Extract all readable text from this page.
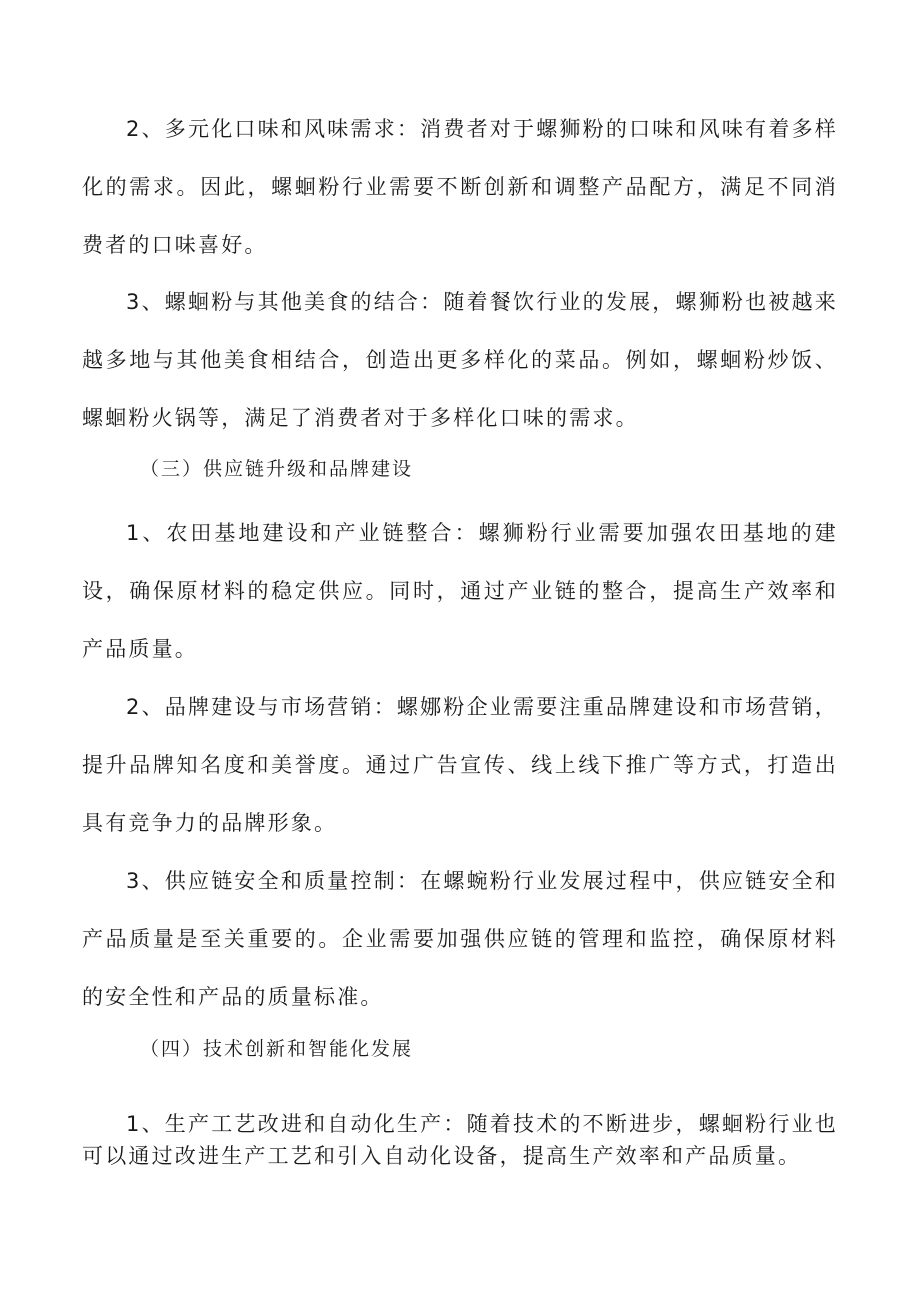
2、多元化口味和风味需求：消费者对于螺狮粉的口味和风味有着多样化的需求。因此，螺蛔粉行业需要不断创新和调整产品配方，满足不同消费者的口味喜好。

3、螺蛔粉与其他美食的结合：随着餐饮行业的发展，螺狮粉也被越来越多地与其他美食相结合，创造出更多样化的菜品。例如，螺蛔粉炒饭、螺蛔粉火锅等，满足了消费者对于多样化口味的需求。

（三）供应链升级和品牌建设

1、农田基地建设和产业链整合：螺狮粉行业需要加强农田基地的建设，确保原材料的稳定供应。同时，通过产业链的整合，提高生产效率和产品质量。

2、品牌建设与市场营销：螺娜粉企业需要注重品牌建设和市场营销，提升品牌知名度和美誉度。通过广告宣传、线上线下推广等方式，打造出具有竞争力的品牌形象。

3、供应链安全和质量控制：在螺蜿粉行业发展过程中，供应链安全和产品质量是至关重要的。企业需要加强供应链的管理和监控，确保原材料的安全性和产品的质量标准。

（四）技术创新和智能化发展

1、生产工艺改进和自动化生产：随着技术的不断进步，螺蛔粉行业也可以通过改进生产工艺和引入自动化设备，提高生产效率和产品质量。
